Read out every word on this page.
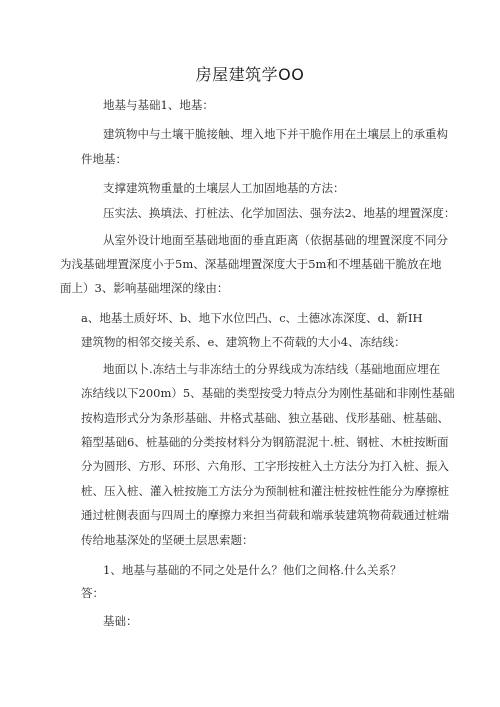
房屋建筑学OO
地基与基础1、地基：
建筑物中与土壤干脆接触、埋入地下并干脆作用在土壤层上的承重构
件地基：
支撑建筑物重量的土壤层人工加固地基的方法：
压实法、换填法、打桩法、化学加固法、强夯法2、地基的埋置深度：
从室外设计地面至基础地面的垂直距离（依据基础的埋置深度不同分
为浅基础埋置深度小于5m、深基础埋置深度大于5m和不埋基础干脆放在地
面上）3、影响基础埋深的缘由：
a、地基土质好坏、b、地下水位凹凸、c、土德冰冻深度、d、新IH
建筑物的相邻交接关系、e、建筑物上不荷载的大小4、冻结线：
地面以卜.冻结土与非冻结土的分界线成为冻结线（基础地面应埋在
冻结线以下200m）5、基础的类型按受力特点分为刚性基础和非刚性基础
按构造形式分为条形基础、井格式基础、独立基础、伐形基础、桩基础、
箱型基础6、桩基础的分类按材料分为钢筋混泥十.桩、钢桩、木桩按断面
分为圆形、方形、环形、六角形、工字形按桩入土方法分为打入桩、振入
桩、压入桩、灌入桩按施工方法分为预制桩和灌注桩按桩性能分为摩擦桩
通过桩侧表面与四周土的摩擦力来担当荷载和端承装建筑物荷载通过桩端
传给地基深处的坚硬土层思索题：
1、地基与基础的不同之处是什么？他们之间格.什么关系？
答：
基础：
